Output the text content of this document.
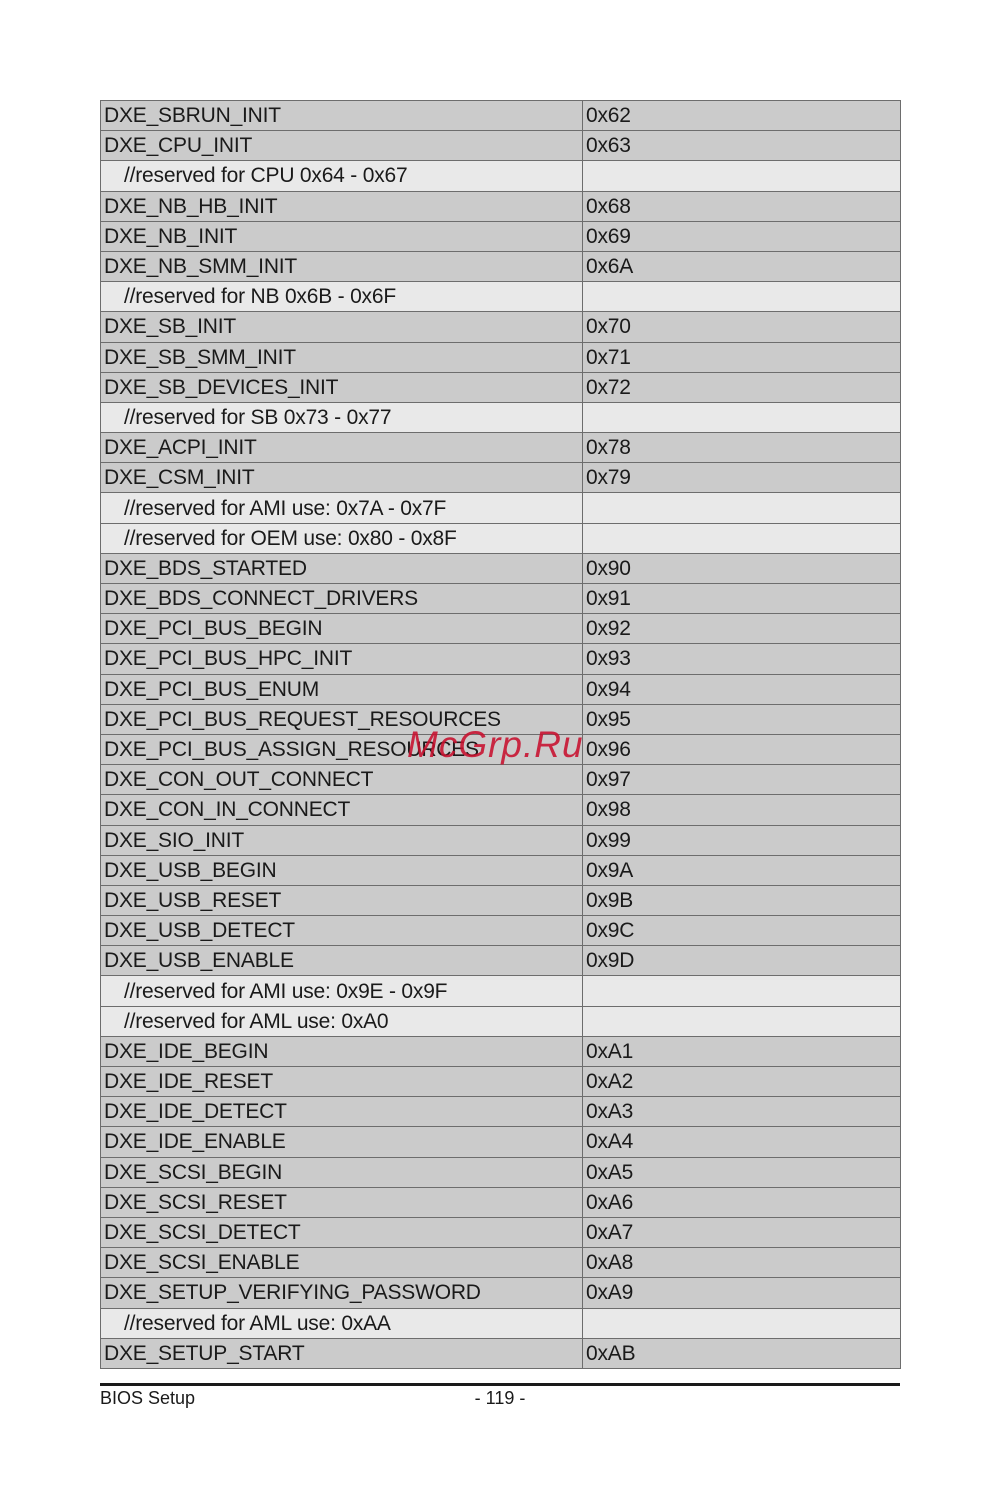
DXE_SBRUN_INIT	0x62
DXE_CPU_INIT	0x63
//reserved for CPU 0x64 - 0x67	
DXE_NB_HB_INIT	0x68
DXE_NB_INIT	0x69
DXE_NB_SMM_INIT	0x6A
//reserved for NB 0x6B - 0x6F	
DXE_SB_INIT	0x70
DXE_SB_SMM_INIT	0x71
DXE_SB_DEVICES_INIT	0x72
//reserved for SB 0x73 - 0x77	
DXE_ACPI_INIT	0x78
DXE_CSM_INIT	0x79
//reserved for AMI use: 0x7A - 0x7F	
//reserved for OEM use: 0x80 - 0x8F	
DXE_BDS_STARTED	0x90
DXE_BDS_CONNECT_DRIVERS	0x91
DXE_PCI_BUS_BEGIN	0x92
DXE_PCI_BUS_HPC_INIT	0x93
DXE_PCI_BUS_ENUM	0x94
DXE_PCI_BUS_REQUEST_RESOURCES	0x95
DXE_PCI_BUS_ASSIGN_RESOURCES	0x96
DXE_CON_OUT_CONNECT	0x97
DXE_CON_IN_CONNECT	0x98
DXE_SIO_INIT	0x99
DXE_USB_BEGIN	0x9A
DXE_USB_RESET	0x9B
DXE_USB_DETECT	0x9C
DXE_USB_ENABLE	0x9D
//reserved for AMI use: 0x9E - 0x9F	
//reserved for AML use: 0xA0	
DXE_IDE_BEGIN	0xA1
DXE_IDE_RESET	0xA2
DXE_IDE_DETECT	0xA3
DXE_IDE_ENABLE	0xA4
DXE_SCSI_BEGIN	0xA5
DXE_SCSI_RESET	0xA6
DXE_SCSI_DETECT	0xA7
DXE_SCSI_ENABLE	0xA8
DXE_SETUP_VERIFYING_PASSWORD	0xA9
//reserved for AML use: 0xAA	
DXE_SETUP_START	0xAB
BIOS Setup	- 119 -
McGrp.Ru
